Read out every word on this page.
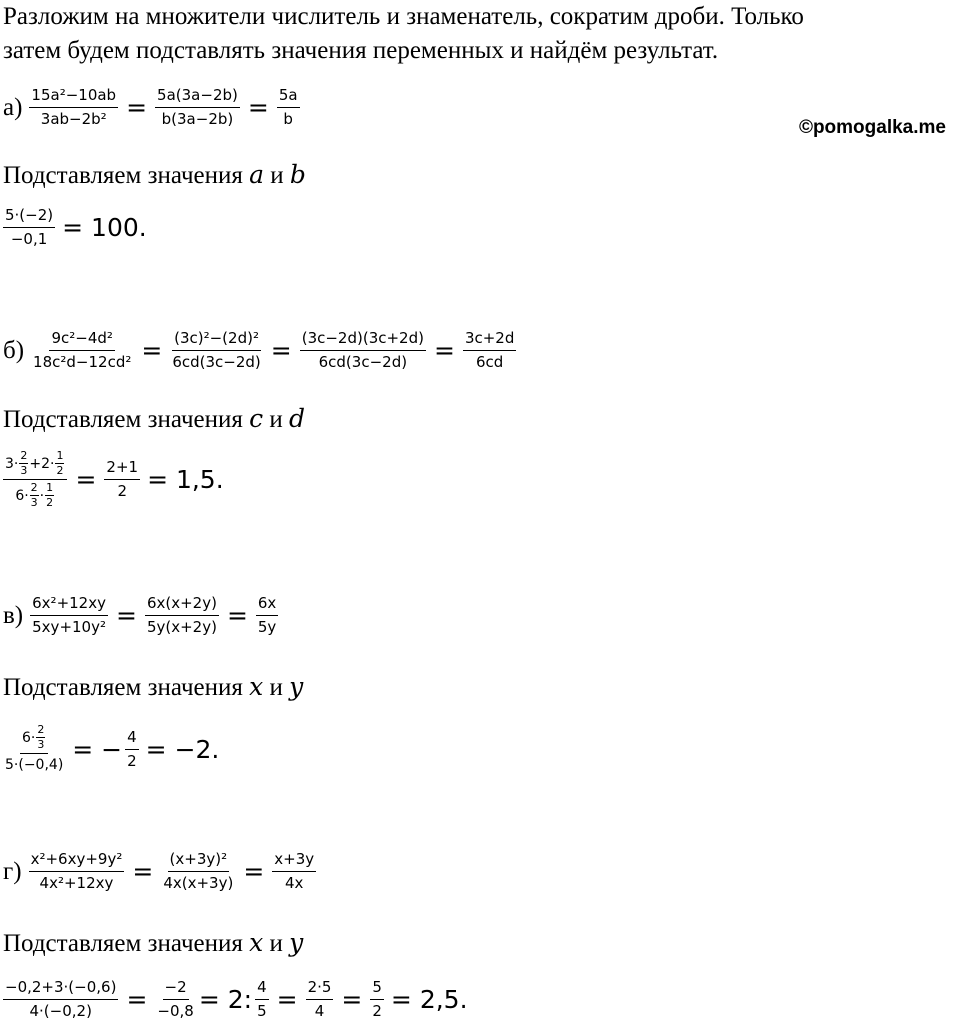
Разложим на множители числитель и знаменатель, сократим дроби. Только
затем будем подставлять значения переменных и найдём результат.
©pomogalka.me
$а) \frac{\text{15a²−10ab}}{\text{3ab−2b²}} = \frac{5a(3a-2b)}{b(3a-2b)} = \frac{5a}{b}$
Подставляем значения a и b
$\frac{5\cdot(-2)}{-0,1} = 100$.
$б) \frac{\text{9c²−4d²}}{\text{18c²d−12cd²}} = \frac{\text{(3c)²−(2d)²}}{6cd(3c-2d)} = \frac{(3c-2d)(3c+2d)}{6cd(3c-2d)} = \frac{3c+2d}{6cd}$
Подставляем значения c и d
$\frac{3\cdot \frac{2}{3} +2\cdot \frac{1}{2}}{6\cdot \frac{2}{3} \cdot \frac{1}{2}} = \frac{2+1}{2} = 1,5$.
$в) \frac{\text{6x²+12xy}}{\text{5xy+10y²}} = \frac{6x(x+2y)}{5y(x+2y)} = \frac{6x}{5y}$
Подставляем значения x и y
$\frac{6\cdot \frac{2}{3}}{5\cdot(-0,4)}$ = − $\frac{4}{2} = -2$.
$г) \frac{\text{x²+6xy+9y²}}{\text{4x²+12xy}} = \frac{\text{(x+3y)²}}{4x(x+3y)} = \frac{x+3y}{4x}$
Подставляем значения x и y
$\frac{-0,2+3\cdot(-0,6)}{4\cdot(-0,2)} = \frac{-2}{-0,8} = 2$: $\frac{4}{5} = \frac{2\cdot 5}{4} = \frac{5}{2} = 2,5$.
